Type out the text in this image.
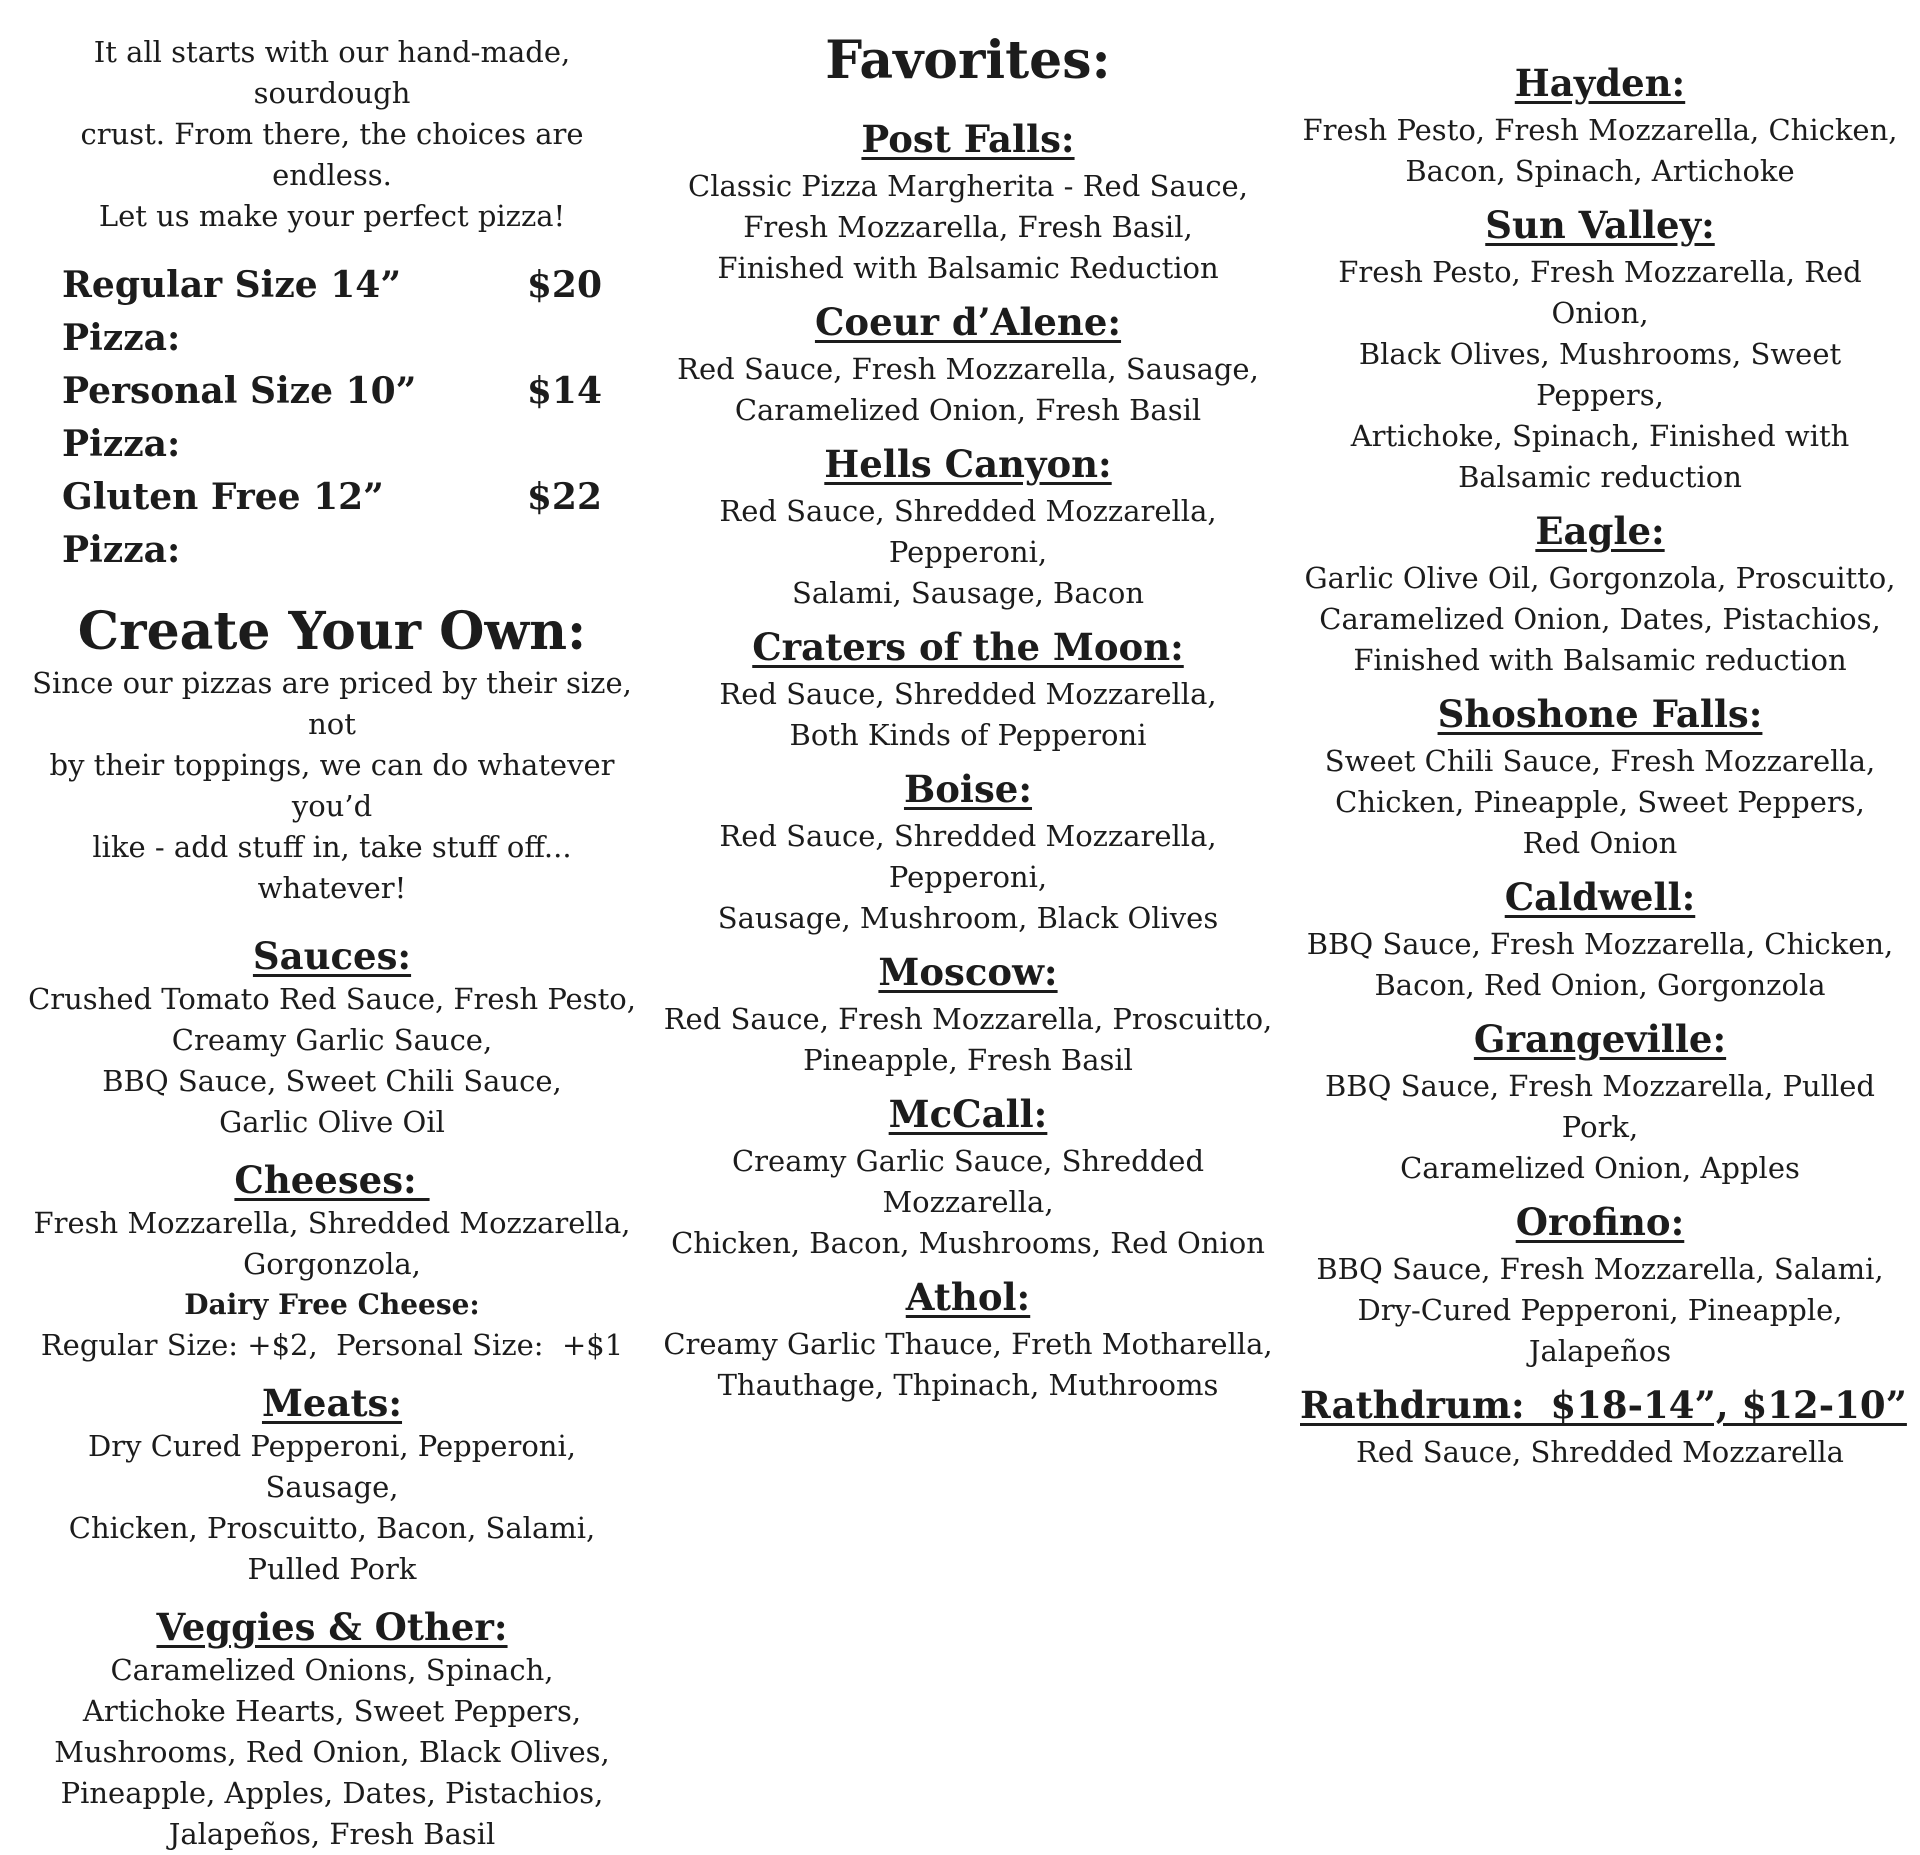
It all starts with our hand-made, sourdough
crust. From there, the choices are endless.
Let us make your perfect pizza!

Regular Size 14” Pizza:
$20
Personal Size 10” Pizza:
$14
Gluten Free 12” Pizza:
$22
Create Your Own:

Since our pizzas are priced by their size, not
by their toppings, we can do whatever you’d
like - add stuff in, take stuff off... whatever!

Sauces:

Crushed Tomato Red Sauce, Fresh Pesto,
Creamy Garlic Sauce,
BBQ Sauce, Sweet Chili Sauce,
Garlic Olive Oil

Cheeses:

Fresh Mozzarella, Shredded Mozzarella,
Gorgonzola,
Dairy Free Cheese:
Regular Size: +$2,  Personal Size:  +$1

Meats:

Dry Cured Pepperoni, Pepperoni, Sausage,
Chicken, Proscuitto, Bacon, Salami,
Pulled Pork

Veggies & Other:

Caramelized Onions, Spinach,
Artichoke Hearts, Sweet Peppers,
Mushrooms, Red Onion, Black Olives,
Pineapple, Apples, Dates, Pistachios,
Jalapeños, Fresh Basil

Favorites:
Post Falls:

Classic Pizza Margherita - Red Sauce,
Fresh Mozzarella, Fresh Basil,
Finished with Balsamic Reduction

Coeur d’Alene:

Red Sauce, Fresh Mozzarella, Sausage,
Caramelized Onion, Fresh Basil

Hells Canyon:

Red Sauce, Shredded Mozzarella, Pepperoni,
Salami, Sausage, Bacon

Craters of the Moon:

Red Sauce, Shredded Mozzarella,
Both Kinds of Pepperoni

Boise:

Red Sauce, Shredded Mozzarella, Pepperoni,
Sausage, Mushroom, Black Olives

Moscow:

Red Sauce, Fresh Mozzarella, Proscuitto,
Pineapple, Fresh Basil

McCall:

Creamy Garlic Sauce, Shredded Mozzarella,
Chicken, Bacon, Mushrooms, Red Onion

Athol:

Creamy Garlic Thauce, Freth Motharella,
Thauthage, Thpinach, Muthrooms

Hayden:

Fresh Pesto, Fresh Mozzarella, Chicken,
Bacon, Spinach, Artichoke

Sun Valley:

Fresh Pesto, Fresh Mozzarella, Red Onion,
Black Olives, Mushrooms, Sweet Peppers,
Artichoke, Spinach, Finished with
Balsamic reduction

Eagle:

Garlic Olive Oil, Gorgonzola, Proscuitto,
Caramelized Onion, Dates, Pistachios,
Finished with Balsamic reduction

Shoshone Falls:

Sweet Chili Sauce, Fresh Mozzarella,
Chicken, Pineapple, Sweet Peppers,
Red Onion

Caldwell:

BBQ Sauce, Fresh Mozzarella, Chicken,
Bacon, Red Onion, Gorgonzola

Grangeville:

BBQ Sauce, Fresh Mozzarella, Pulled Pork,
Caramelized Onion, Apples

Orofino:

BBQ Sauce, Fresh Mozzarella, Salami,
Dry-Cured Pepperoni, Pineapple, Jalapeños

Rathdrum:  $18-14”, $12-10”

Red Sauce, Shredded Mozzarella
